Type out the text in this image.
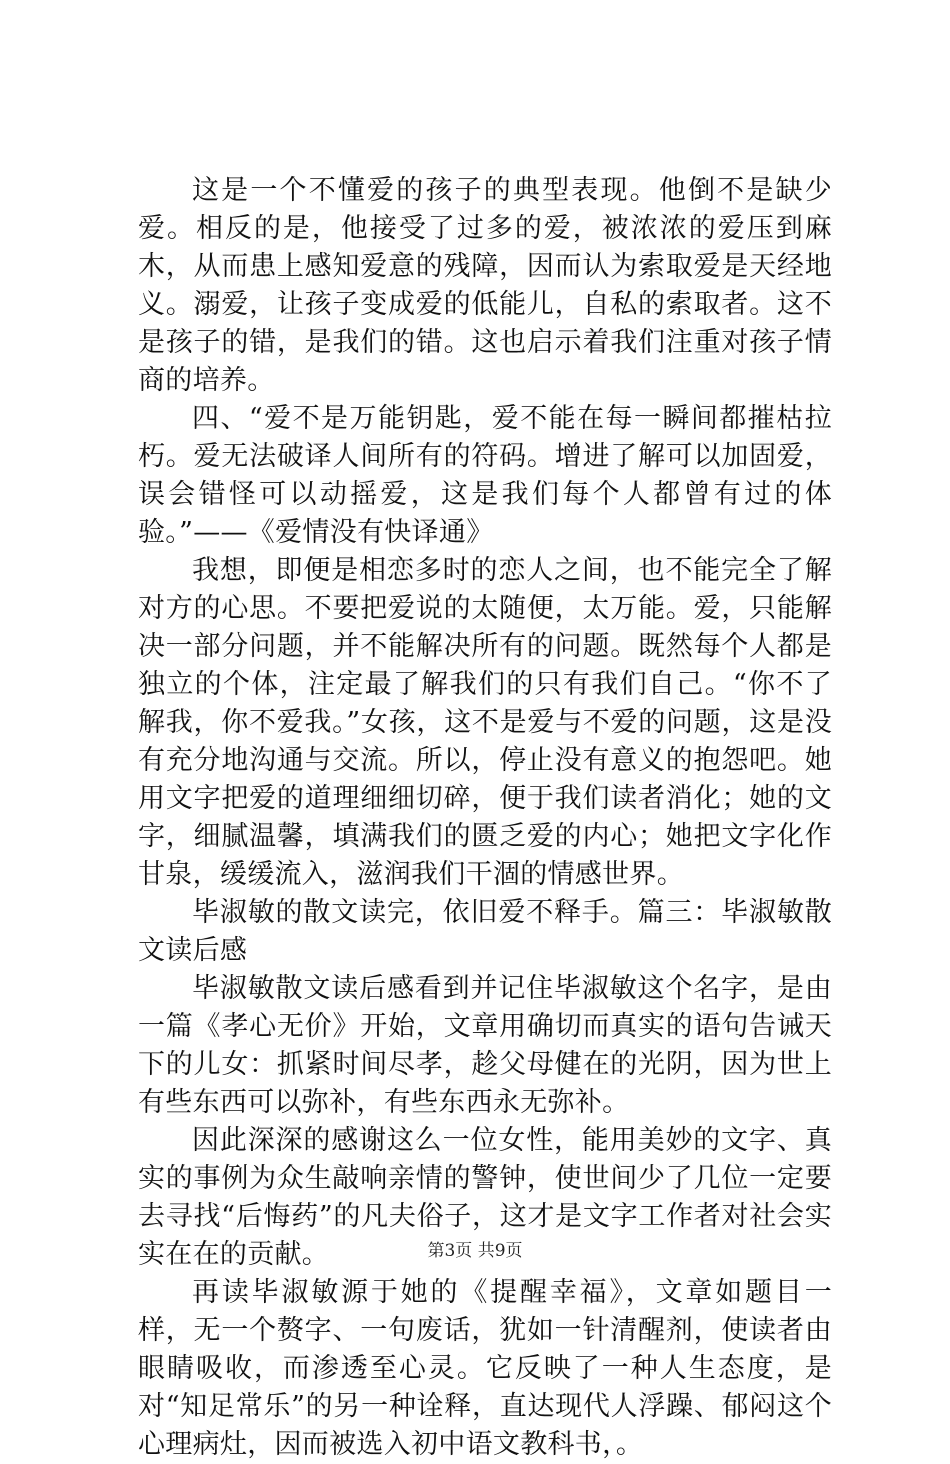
这是一个不懂爱的孩子的典型表现。他倒不是缺少爱。相反的是，他接受了过多的爱，被浓浓的爱压到麻木，从而患上感知爱意的残障，因而认为索取爱是天经地义。溺爱，让孩子变成爱的低能儿，自私的索取者。这不是孩子的错，是我们的错。这也启示着我们注重对孩子情商的培养。

四、“爱不是万能钥匙，爱不能在每一瞬间都摧枯拉朽。爱无法破译人间所有的符码。增进了解可以加固爱，误会错怪可以动摇爱，这是我们每个人都曾有过的体验。”——《爱情没有快译通》

我想，即便是相恋多时的恋人之间，也不能完全了解对方的心思。不要把爱说的太随便，太万能。爱，只能解决一部分问题，并不能解决所有的问题。既然每个人都是独立的个体，注定最了解我们的只有我们自己。“你不了解我，你不爱我。”女孩，这不是爱与不爱的问题，这是没有充分地沟通与交流。所以，停止没有意义的抱怨吧。她用文字把爱的道理细细切碎，便于我们读者消化；她的文字，细腻温馨，填满我们的匮乏爱的内心；她把文字化作甘泉，缓缓流入，滋润我们干涸的情感世界。

毕淑敏的散文读完，依旧爱不释手。篇三：毕淑敏散文读后感

毕淑敏散文读后感看到并记住毕淑敏这个名字，是由一篇《孝心无价》开始，文章用确切而真实的语句告诫天下的儿女：抓紧时间尽孝，趁父母健在的光阴，因为世上有些东西可以弥补，有些东西永无弥补。

因此深深的感谢这么一位女性，能用美妙的文字、真实的事例为众生敲响亲情的警钟，使世间少了几位一定要去寻找“后悔药”的凡夫俗子，这才是文字工作者对社会实实在在的贡献。

再读毕淑敏源于她的《提醒幸福》，文章如题目一样，无一个赘字、一句废话，犹如一针清醒剂，使读者由眼睛吸收，而渗透至心灵。它反映了一种人生态度，是对“知足常乐”的另一种诠释，直达现代人浮躁、郁闷这个心理病灶，因而被选入初中语文教科书，。

第3页 共9页
